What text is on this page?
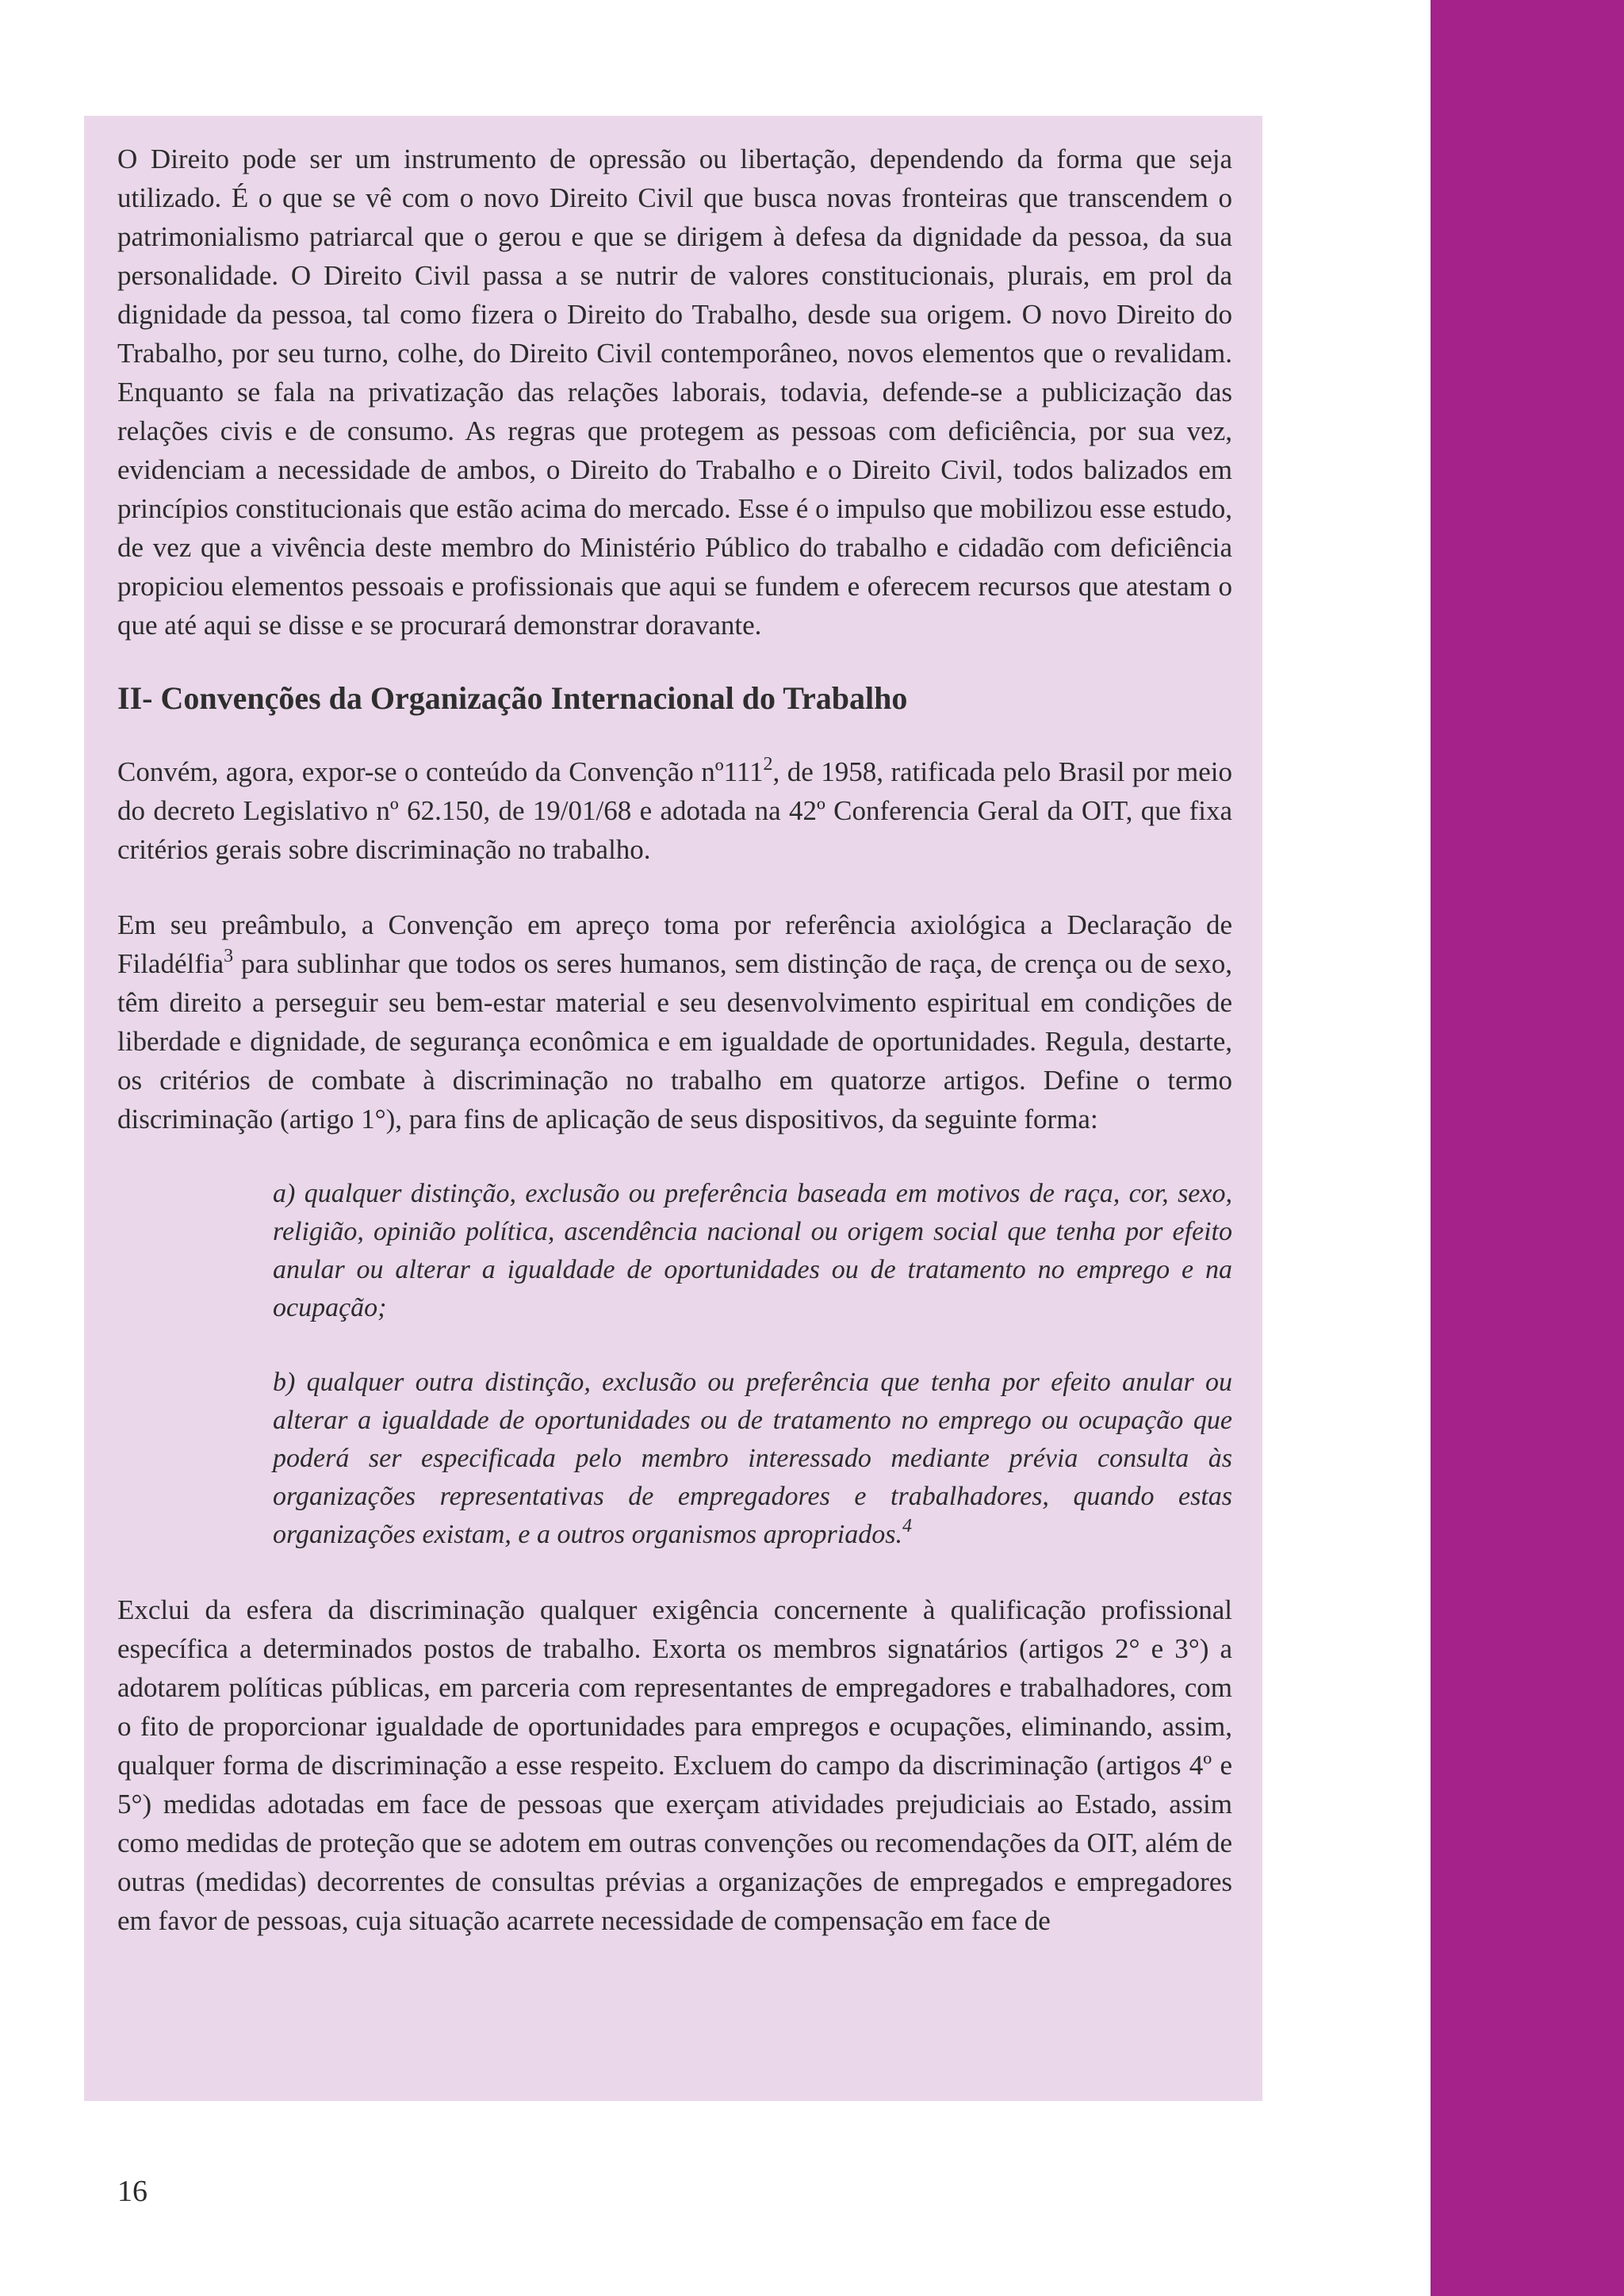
O Direito pode ser um instrumento de opressão ou libertação, dependendo da forma que seja utilizado. É o que se vê com o novo Direito Civil que busca novas fronteiras que transcendem o patrimonialismo patriarcal que o gerou e que se dirigem à defesa da dignidade da pessoa, da sua personalidade. O Direito Civil passa a se nutrir de valores constitucionais, plurais, em prol da dignidade da pessoa, tal como fizera o Direito do Trabalho, desde sua origem. O novo Direito do Trabalho, por seu turno, colhe, do Direito Civil contemporâneo, novos elementos que o revalidam. Enquanto se fala na privatização das relações laborais, todavia, defende-se a publicização das relações civis e de consumo. As regras que protegem as pessoas com deficiência, por sua vez, evidenciam a necessidade de ambos, o Direito do Trabalho e o Direito Civil, todos balizados em princípios constitucionais que estão acima do mercado. Esse é o impulso que mobilizou esse estudo, de vez que a vivência deste membro do Ministério Público do trabalho e cidadão com deficiência propiciou elementos pessoais e profissionais que aqui se fundem e oferecem recursos que atestam o que até aqui se disse e se procurará demonstrar doravante.

II- Convenções da Organização Internacional do Trabalho

Convém, agora, expor-se o conteúdo da Convenção $nº111^2$, de 1958, ratificada pelo Brasil por meio do decreto Legislativo nº 62.150, de 19/01/68 e adotada na 42º Conferencia Geral da OIT, que fixa critérios gerais sobre discriminação no trabalho.

Em seu preâmbulo, a Convenção em apreço toma por referência axiológica a Declaração de Filadélfia$^3$ para sublinhar que todos os seres humanos, sem distinção de raça, de crença ou de sexo, têm direito a perseguir seu bem-estar material e seu desenvolvimento espiritual em condições de liberdade e dignidade, de segurança econômica e em igualdade de oportunidades. Regula, destarte, os critérios de combate à discriminação no trabalho em quatorze artigos. Define o termo discriminação (artigo 1°), para fins de aplicação de seus dispositivos, da seguinte forma:

a) qualquer distinção, exclusão ou preferência baseada em motivos de raça, cor, sexo, religião, opinião política, ascendência nacional ou origem social que tenha por efeito anular ou alterar a igualdade de oportunidades ou de tratamento no emprego e na ocupação;

b) qualquer outra distinção, exclusão ou preferência que tenha por efeito anular ou alterar a igualdade de oportunidades ou de tratamento no emprego ou ocupação que poderá ser especificada pelo membro interessado mediante prévia consulta às organizações representativas de empregadores e trabalhadores, quando estas organizações existam, e a outros organismos apropriados.$^4$

Exclui da esfera da discriminação qualquer exigência concernente à qualificação profissional específica a determinados postos de trabalho. Exorta os membros signatários (artigos 2° e 3°) a adotarem políticas públicas, em parceria com representantes de empregadores e trabalhadores, com o fito de proporcionar igualdade de oportunidades para empregos e ocupações, eliminando, assim, qualquer forma de discriminação a esse respeito. Excluem do campo da discriminação (artigos 4º e 5°) medidas adotadas em face de pessoas que exerçam atividades prejudiciais ao Estado, assim como medidas de proteção que se adotem em outras convenções ou recomendações da OIT, além de outras (medidas) decorrentes de consultas prévias a organizações de empregados e empregadores em favor de pessoas, cuja situação acarrete necessidade de compensação em face de

16
